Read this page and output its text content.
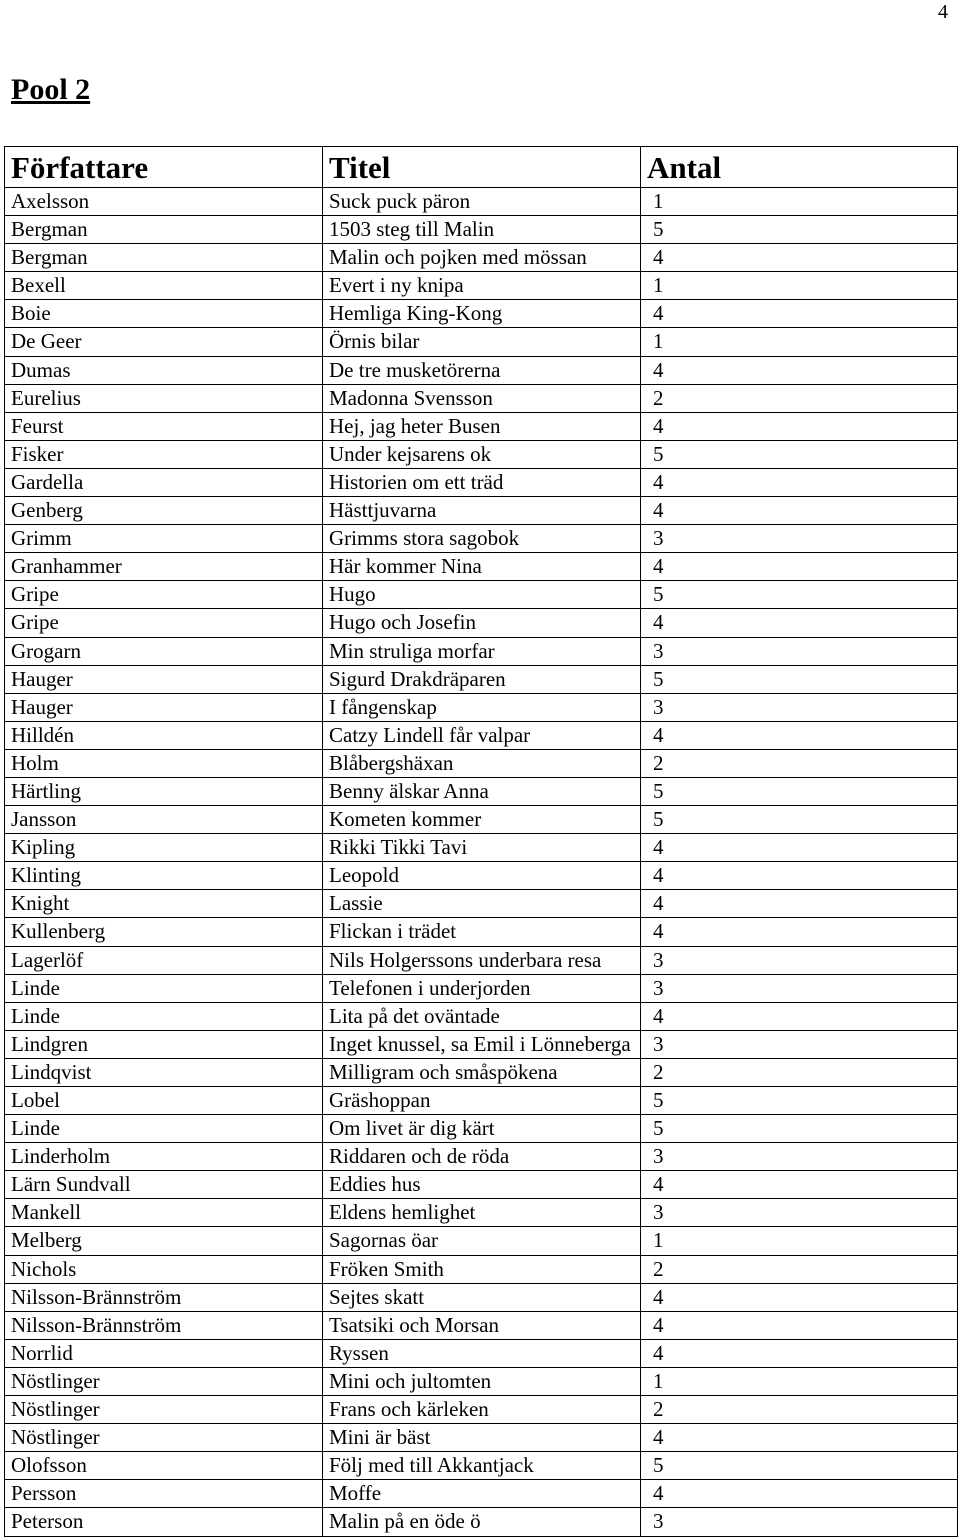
4
Pool 2
Författare	Titel	Antal
Axelsson	Suck puck päron	1
Bergman	1503 steg till Malin	5
Bergman	Malin och pojken med mössan	4
Bexell	Evert i ny knipa	1
Boie	Hemliga King-Kong	4
De Geer	Örnis bilar	1
Dumas	De tre musketörerna	4
Eurelius	Madonna Svensson	2
Feurst	Hej, jag heter Busen	4
Fisker	Under kejsarens ok	5
Gardella	Historien om ett träd	4
Genberg	Hästtjuvarna	4
Grimm	Grimms stora sagobok	3
Granhammer	Här kommer Nina	4
Gripe	Hugo	5
Gripe	Hugo och Josefin	4
Grogarn	Min struliga morfar	3
Hauger	Sigurd Drakdräparen	5
Hauger	I fångenskap	3
Hilldén	Catzy Lindell får valpar	4
Holm	Blåbergshäxan	2
Härtling	Benny älskar Anna	5
Jansson	Kometen kommer	5
Kipling	Rikki Tikki Tavi	4
Klinting	Leopold	4
Knight	Lassie	4
Kullenberg	Flickan i trädet	4
Lagerlöf	Nils Holgerssons underbara resa	3
Linde	Telefonen i underjorden	3
Linde	Lita på det oväntade	4
Lindgren	Inget knussel, sa Emil i Lönneberga	3
Lindqvist	Milligram och småspökena	2
Lobel	Gräshoppan	5
Linde	Om livet är dig kärt	5
Linderholm	Riddaren och de röda	3
Lärn Sundvall	Eddies hus	4
Mankell	Eldens hemlighet	3
Melberg	Sagornas öar	1
Nichols	Fröken Smith	2
Nilsson-Brännström	Sejtes skatt	4
Nilsson-Brännström	Tsatsiki och Morsan	4
Norrlid	Ryssen	4
Nöstlinger	Mini och jultomten	1
Nöstlinger	Frans och kärleken	2
Nöstlinger	Mini är bäst	4
Olofsson	Följ med till Akkantjack	5
Persson	Moffe	4
Peterson	Malin på en öde ö	3
